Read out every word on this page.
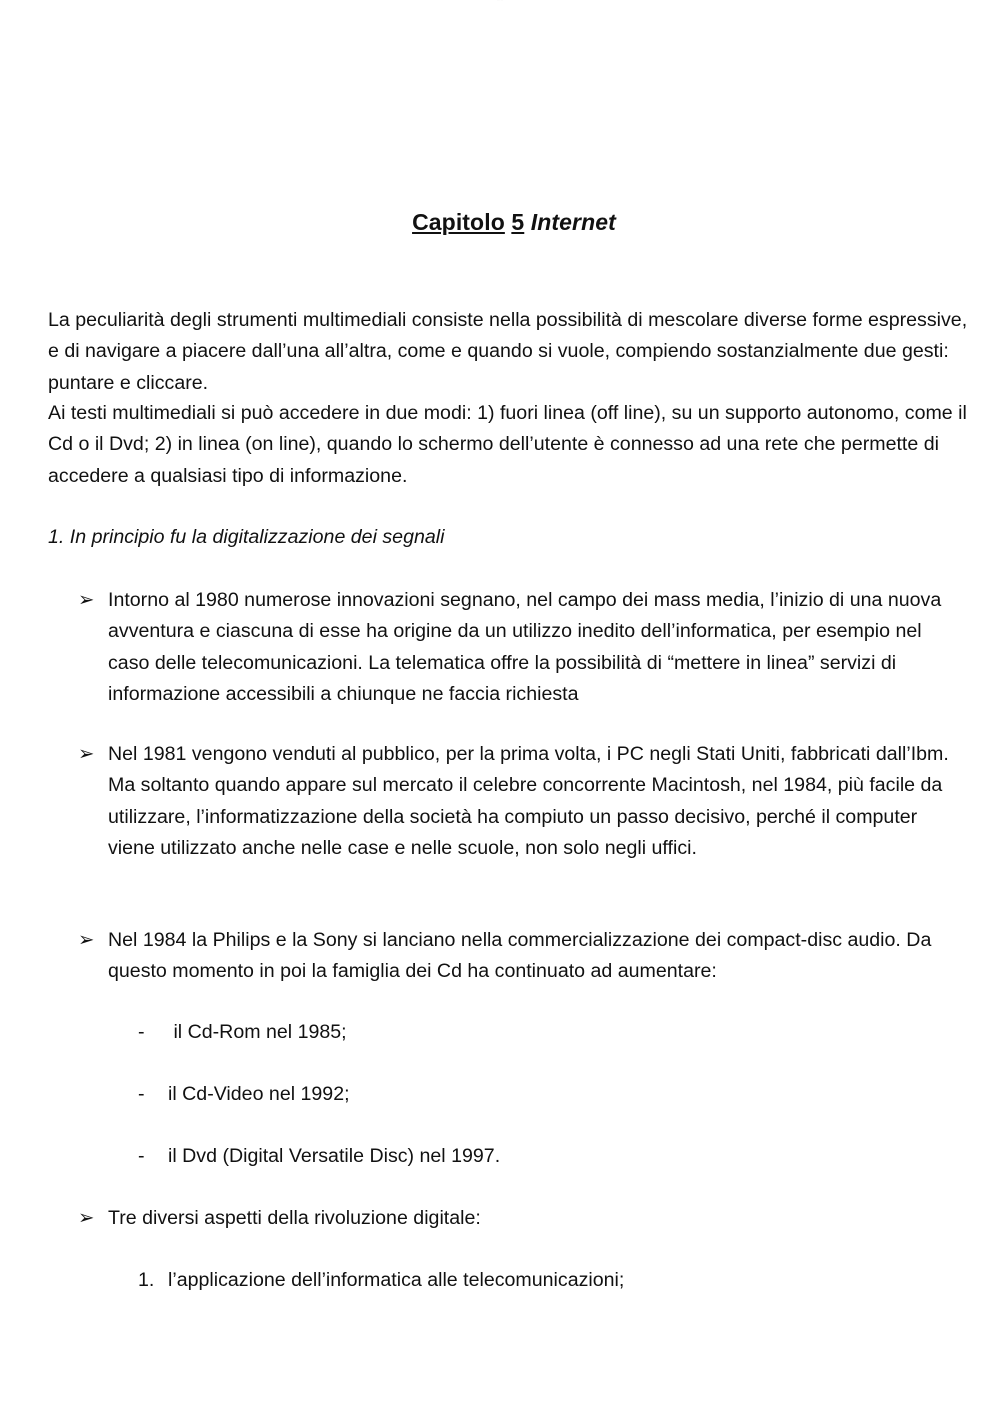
· · · · ·
Capitolo 5 Internet
La peculiarità degli strumenti multimediali consiste nella possibilità di mescolare diverse forme espressive, e di navigare a piacere dall’una all’altra, come e quando si vuole, compiendo sostanzialmente due gesti: puntare e cliccare.
Ai testi multimediali si può accedere in due modi: 1) fuori linea (off line), su un supporto autonomo, come il Cd o il Dvd; 2) in linea (on line), quando lo schermo dell’utente è connesso ad una rete che permette di accedere a qualsiasi tipo di informazione.
1. In principio fu la digitalizzazione dei segnali
➢ Intorno al 1980 numerose innovazioni segnano, nel campo dei mass media, l’inizio di una nuova avventura e ciascuna di esse ha origine da un utilizzo inedito dell’informatica, per esempio nel caso delle telecomunicazioni. La telematica offre la possibilità di “mettere in linea” servizi di informazione accessibili a chiunque ne faccia richiesta
➢ Nel 1981 vengono venduti al pubblico, per la prima volta, i PC negli Stati Uniti, fabbricati dall’Ibm. Ma soltanto quando appare sul mercato il celebre concorrente Macintosh, nel 1984, più facile da utilizzare, l’informatizzazione della società ha compiuto un passo decisivo, perché il computer viene utilizzato anche nelle case e nelle scuole, non solo negli uffici.
➢ Nel 1984 la Philips e la Sony si lanciano nella commercializzazione dei compact-disc audio. Da questo momento in poi la famiglia dei Cd ha continuato ad aumentare:
- il Cd-Rom nel 1985;
- il Cd-Video nel 1992;
- il Dvd (Digital Versatile Disc) nel 1997.
➢ Tre diversi aspetti della rivoluzione digitale:
1. l’applicazione dell’informatica alle telecomunicazioni;
